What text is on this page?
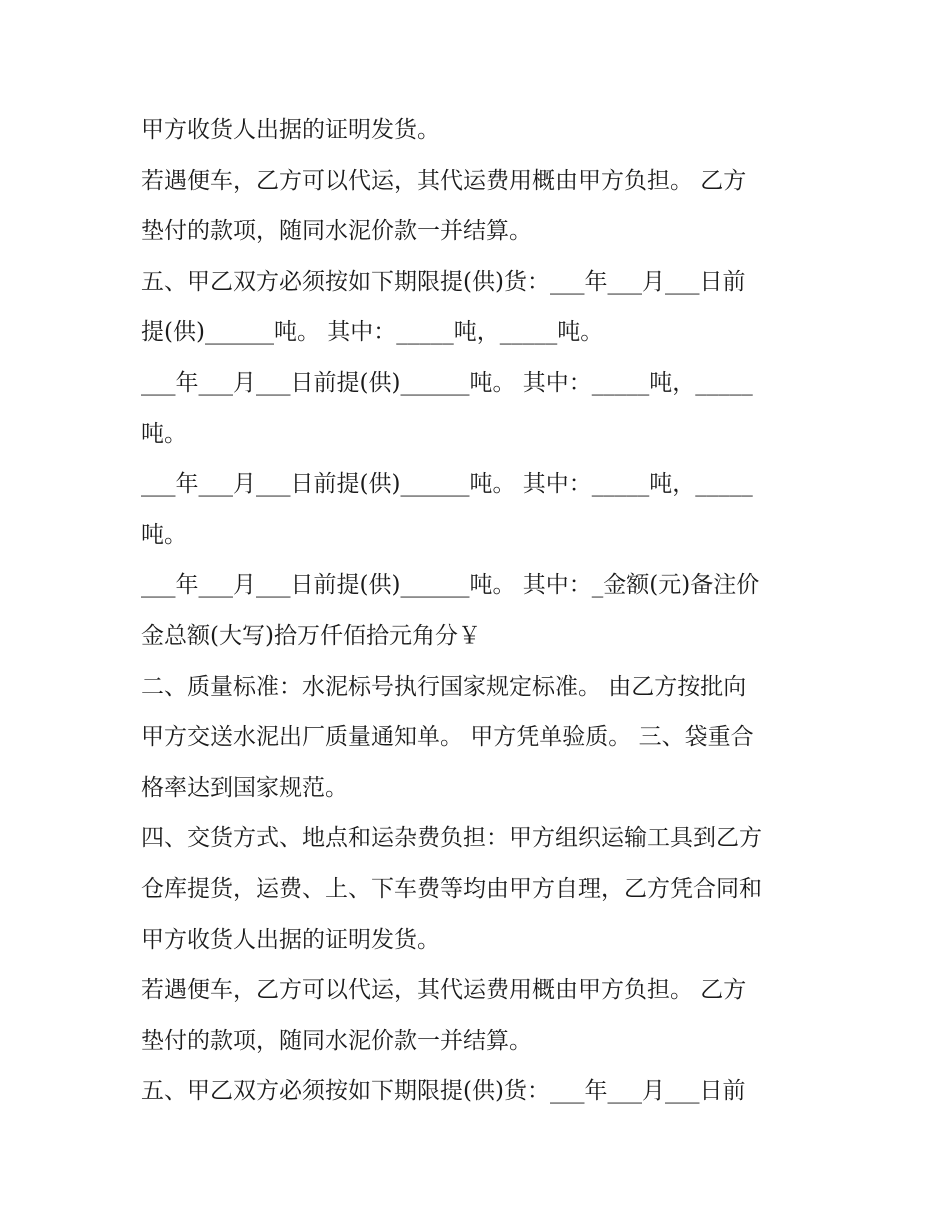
甲方收货人出据的证明发货。

若遇便车，乙方可以代运，其代运费用概由甲方负担。 乙方

垫付的款项，随同水泥价款一并结算。

五、甲乙双方必须按如下期限提(供)货：___年___月___日前

提(供)______吨。 其中：_____吨，_____吨。

___年___月___日前提(供)______吨。 其中：_____吨，_____

吨。

___年___月___日前提(供)______吨。 其中：_____吨，_____

吨。

___年___月___日前提(供)______吨。 其中：_金额(元)备注价

金总额(大写)拾万仟佰拾元角分￥

二、质量标准：水泥标号执行国家规定标准。 由乙方按批向

甲方交送水泥出厂质量通知单。 甲方凭单验质。 三、袋重合

格率达到国家规范。

四、交货方式、地点和运杂费负担：甲方组织运输工具到乙方

仓库提货，运费、上、下车费等均由甲方自理，乙方凭合同和

甲方收货人出据的证明发货。

若遇便车，乙方可以代运，其代运费用概由甲方负担。 乙方

垫付的款项，随同水泥价款一并结算。

五、甲乙双方必须按如下期限提(供)货：___年___月___日前
